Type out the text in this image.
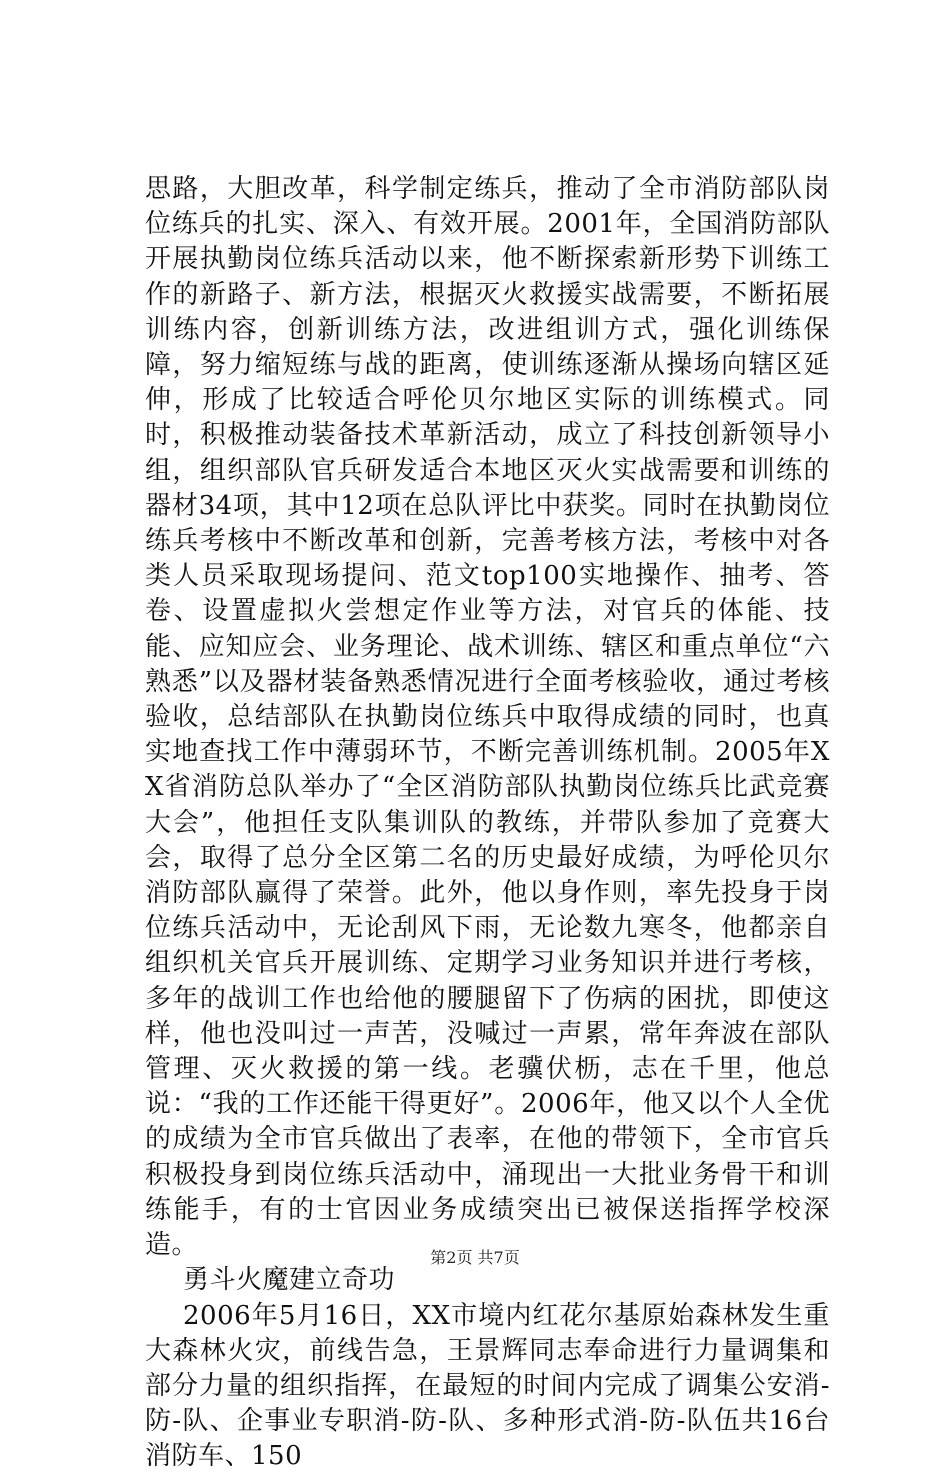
思路，大胆改革，科学制定练兵，推动了全市消防部队岗位练兵的扎实、深入、有效开展。2001年，全国消防部队开展执勤岗位练兵活动以来，他不断探索新形势下训练工作的新路子、新方法，根据灭火救援实战需要，不断拓展训练内容，创新训练方法，改进组训方式，强化训练保障，努力缩短练与战的距离，使训练逐渐从操场向辖区延伸，形成了比较适合呼伦贝尔地区实际的训练模式。同时，积极推动装备技术革新活动，成立了科技创新领导小组，组织部队官兵研发适合本地区灭火实战需要和训练的器材34项，其中12项在总队评比中获奖。同时在执勤岗位练兵考核中不断改革和创新，完善考核方法，考核中对各类人员采取现场提问、范文top100实地操作、抽考、答卷、设置虚拟火尝想定作业等方法，对官兵的体能、技能、应知应会、业务理论、战术训练、辖区和重点单位“六熟悉”以及器材装备熟悉情况进行全面考核验收，通过考核验收，总结部队在执勤岗位练兵中取得成绩的同时，也真实地查找工作中薄弱环节，不断完善训练机制。2005年XX省消防总队举办了“全区消防部队执勤岗位练兵比武竞赛大会”，他担任支队集训队的教练，并带队参加了竞赛大会，取得了总分全区第二名的历史最好成绩，为呼伦贝尔消防部队赢得了荣誉。此外，他以身作则，率先投身于岗位练兵活动中，无论刮风下雨，无论数九寒冬，他都亲自组织机关官兵开展训练、定期学习业务知识并进行考核，多年的战训工作也给他的腰腿留下了伤病的困扰，即使这样，他也没叫过一声苦，没喊过一声累，常年奔波在部队管理、灭火救援的第一线。老骥伏枥，志在千里，他总说：“我的工作还能干得更好”。2006年，他又以个人全优的成绩为全市官兵做出了表率，在他的带领下，全市官兵积极投身到岗位练兵活动中，涌现出一大批业务骨干和训练能手，有的士官因业务成绩突出已被保送指挥学校深造。

勇斗火魔建立奇功

2006年5月16日，XX市境内红花尔基原始森林发生重大森林火灾，前线告急，王景辉同志奉命进行力量调集和部分力量的组织指挥，在最短的时间内完成了调集公安消-防-队、企事业专职消-防-队、多种形式消-防-队伍共16台消防车、150

第2页 共7页
